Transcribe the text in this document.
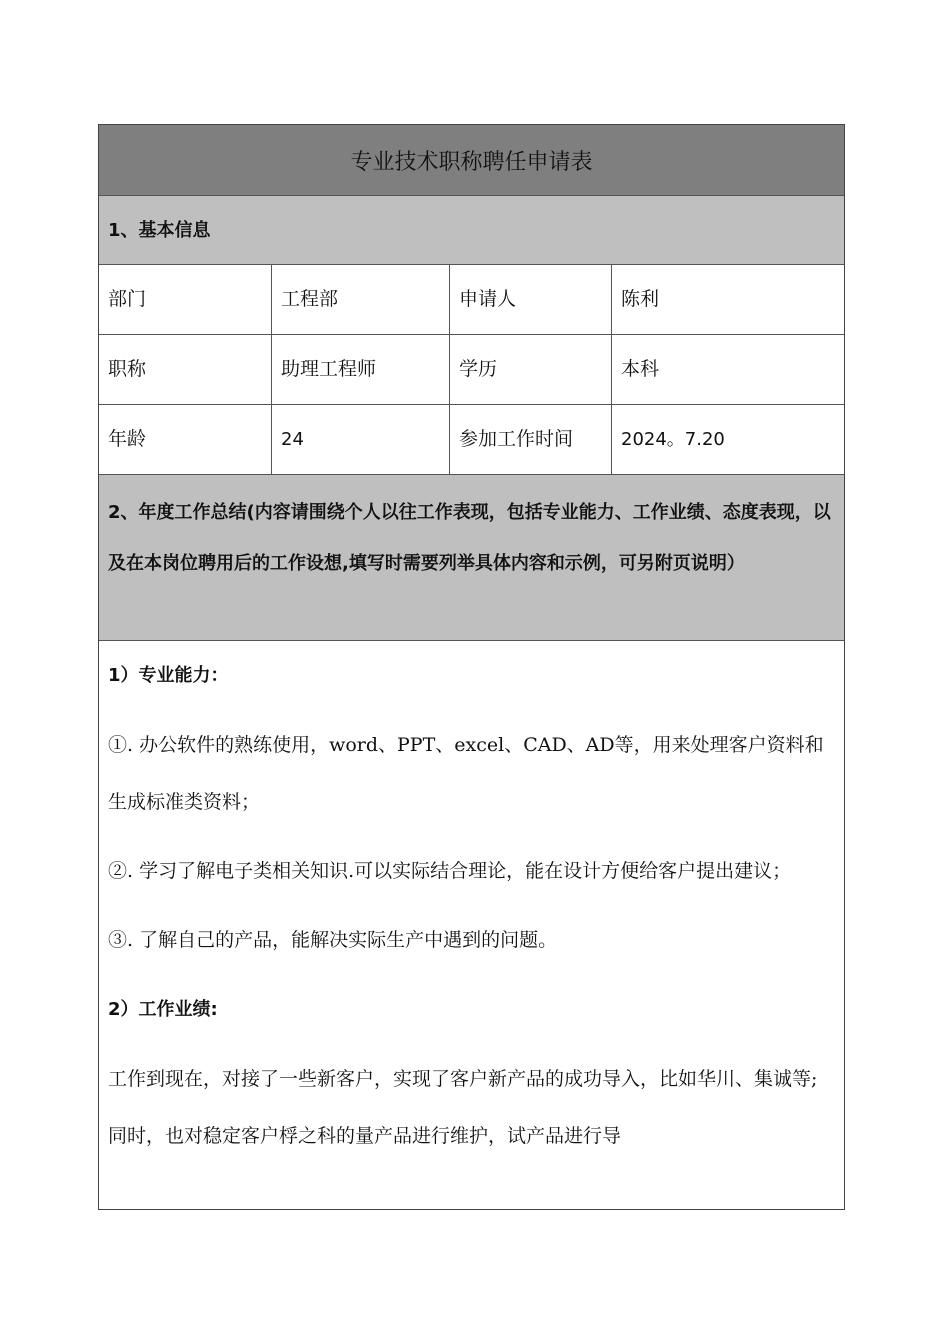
专业技术职称聘任申请表
1、基本信息
部门	工程部	申请人	陈利
职称	助理工程师	学历	本科
年龄	24	参加工作时间	2024。7.20
2、年度工作总结(内容请围绕个人以往工作表现，包括专业能力、工作业绩、态度表现，以及在本岗位聘用后的工作设想,填写时需要列举具体内容和示例，可另附页说明）
1）专业能力：
①. 办公软件的熟练使用，word、PPT、excel、CAD、AD等，用来处理客户资料和生成标准类资料；
②. 学习了解电子类相关知识.可以实际结合理论，能在设计方便给客户提出建议；
③. 了解自己的产品，能解决实际生产中遇到的问题。
2）工作业绩:
工作到现在，对接了一些新客户，实现了客户新产品的成功导入，比如华川、集诚等;同时，也对稳定客户桴之科的量产品进行维护，试产品进行导
